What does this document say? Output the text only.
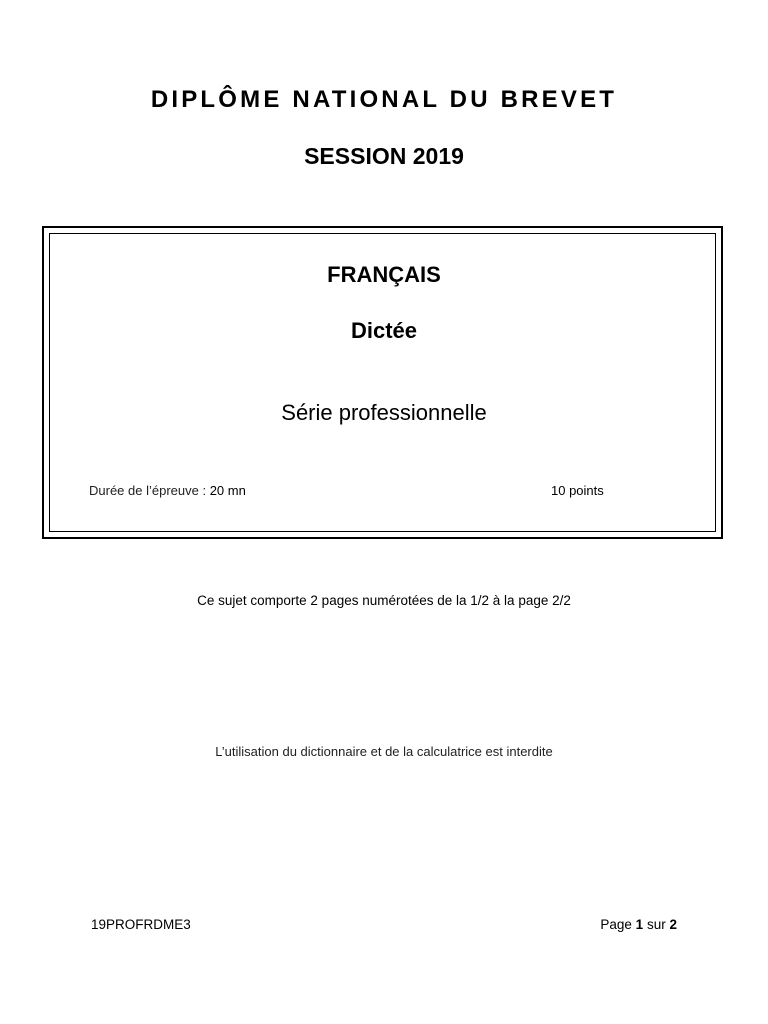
DIPLÔME NATIONAL DU BREVET
SESSION 2019
FRANÇAIS
Dictée
Série professionnelle
Durée de l’épreuve : 20 mn	10 points
Ce sujet comporte 2 pages numérotées de la 1/2 à la page 2/2
L’utilisation du dictionnaire et de la calculatrice est interdite
19PROFRDME3	Page 1 sur 2
